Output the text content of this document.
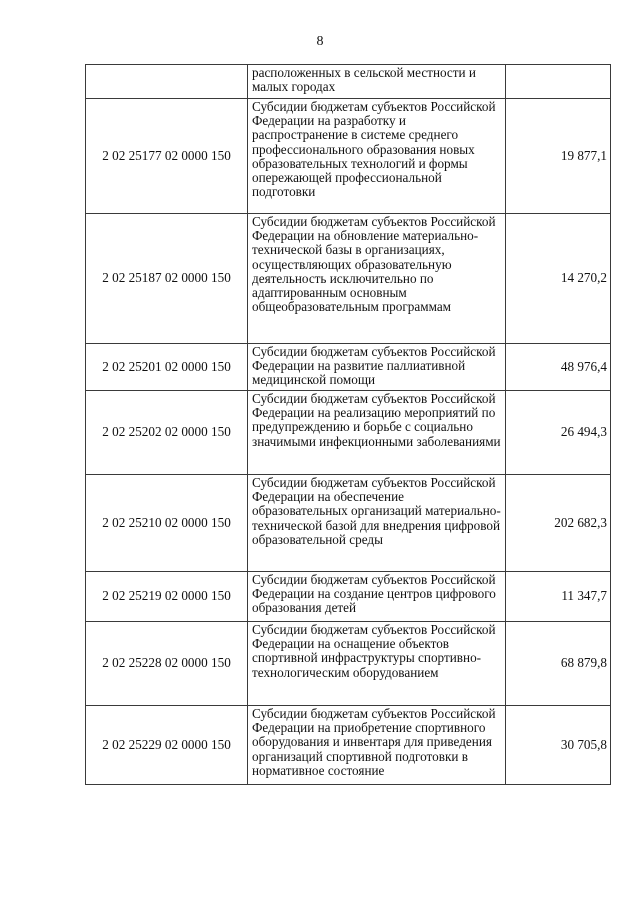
8

	расположенных в сельской местности и малых городах	

2 02 25177 02 0000 150	Субсидии бюджетам субъектов Российской Федерации на разработку и распространение в системе среднего профессионального образования новых образовательных технологий и формы опережающей профессиональной подготовки	19 877,1
2 02 25187 02 0000 150	Субсидии бюджетам субъектов Российской Федерации на обновление материально-технической базы в организациях, осуществляющих образовательную деятельность исключительно по адаптированным основным общеобразовательным программам	14 270,2
2 02 25201 02 0000 150	Субсидии бюджетам субъектов Российской Федерации на развитие паллиативной медицинской помощи	48 976,4
2 02 25202 02 0000 150	Субсидии бюджетам субъектов Российской Федерации на реализацию мероприятий по предупреждению и борьбе с социально значимыми инфекционными заболеваниями	26 494,3
2 02 25210 02 0000 150	Субсидии бюджетам субъектов Российской Федерации на обеспечение образовательных организаций материально-технической базой для внедрения цифровой образовательной среды	202 682,3
2 02 25219 02 0000 150	Субсидии бюджетам субъектов Российской Федерации на создание центров цифрового образования детей	11 347,7
2 02 25228 02 0000 150	Субсидии бюджетам субъектов Российской Федерации на оснащение объектов спортивной инфраструктуры спортивно-технологическим оборудованием	68 879,8
2 02 25229 02 0000 150	Субсидии бюджетам субъектов Российской Федерации на приобретение спортивного оборудования и инвентаря для приведения организаций спортивной подготовки в нормативное состояние	30 705,8
